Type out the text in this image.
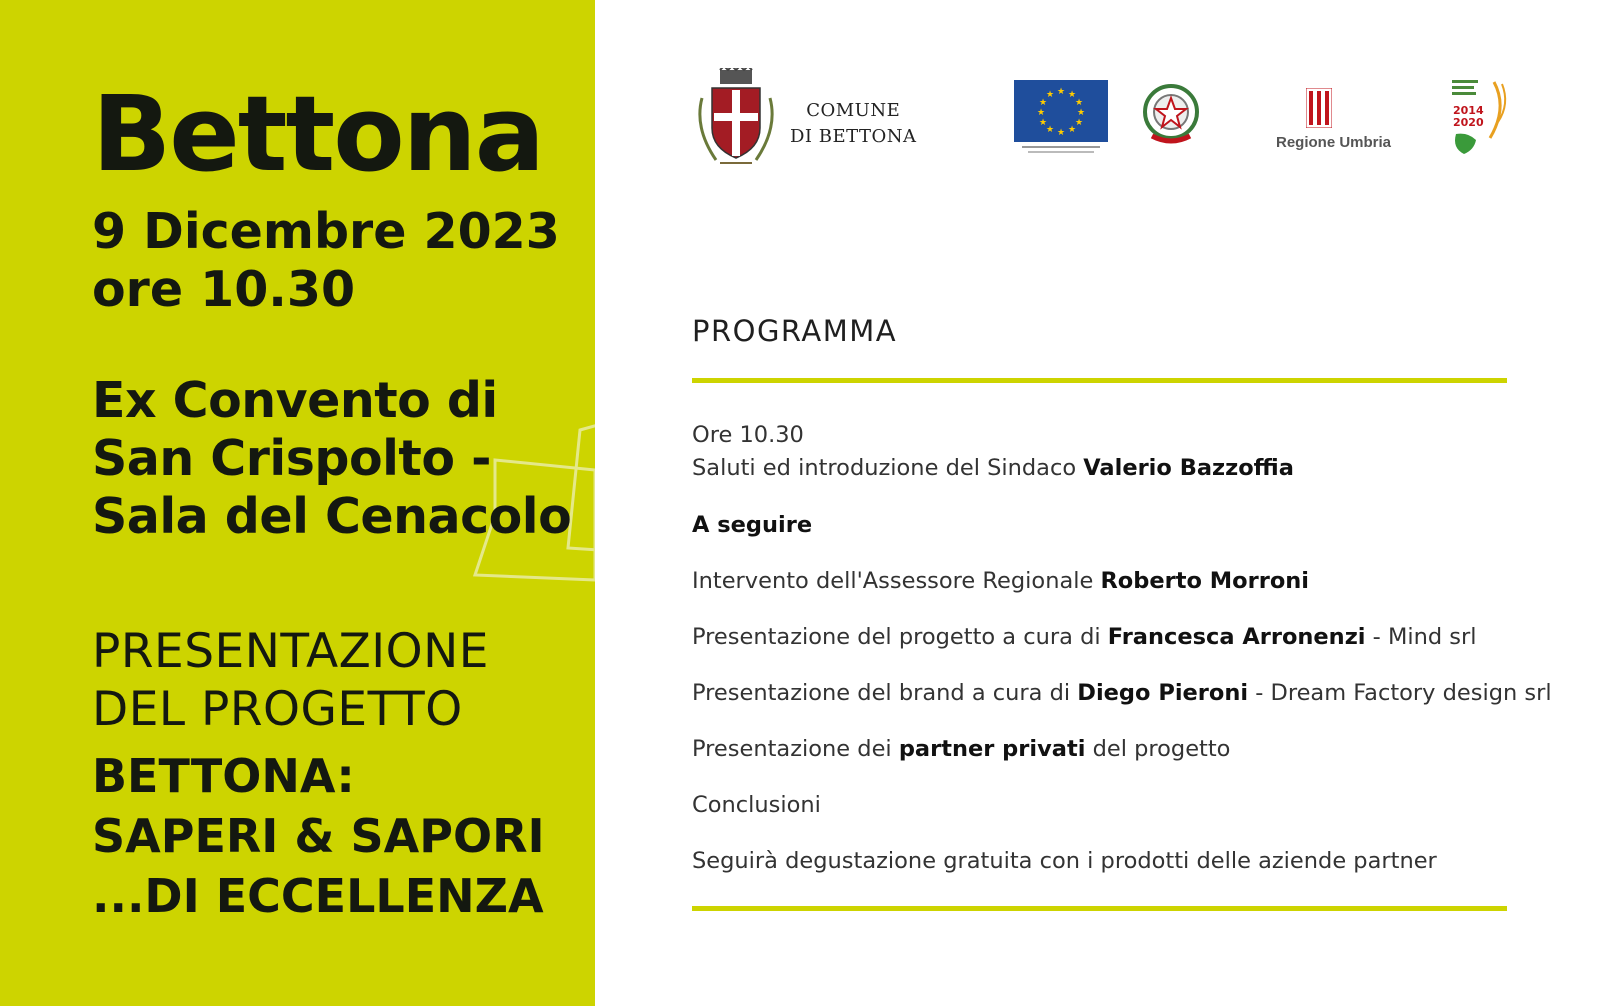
Bettona
9 Dicembre 2023
ore 10.30
Ex Convento di
San Crispolto -
Sala del Cenacolo
PRESENTAZIONE
DEL PROGETTO
BETTONA:
SAPERI & SAPORI
...DI ECCELLENZA
COMUNE
DI BETTONA
★ ★
★
★
★
★
★
★
★
★
★
★
Regione Umbria
2014
2020
PROGRAMMA
Ore 10.30
Saluti ed introduzione del Sindaco Valerio Bazzoffia
A seguire
Intervento dell'Assessore Regionale Roberto Morroni
Presentazione del progetto a cura di Francesca Arronenzi - Mind srl
Presentazione del brand a cura di Diego Pieroni - Dream Factory design srl
Presentazione dei partner privati del progetto
Conclusioni
Seguirà degustazione gratuita con i prodotti delle aziende partner
